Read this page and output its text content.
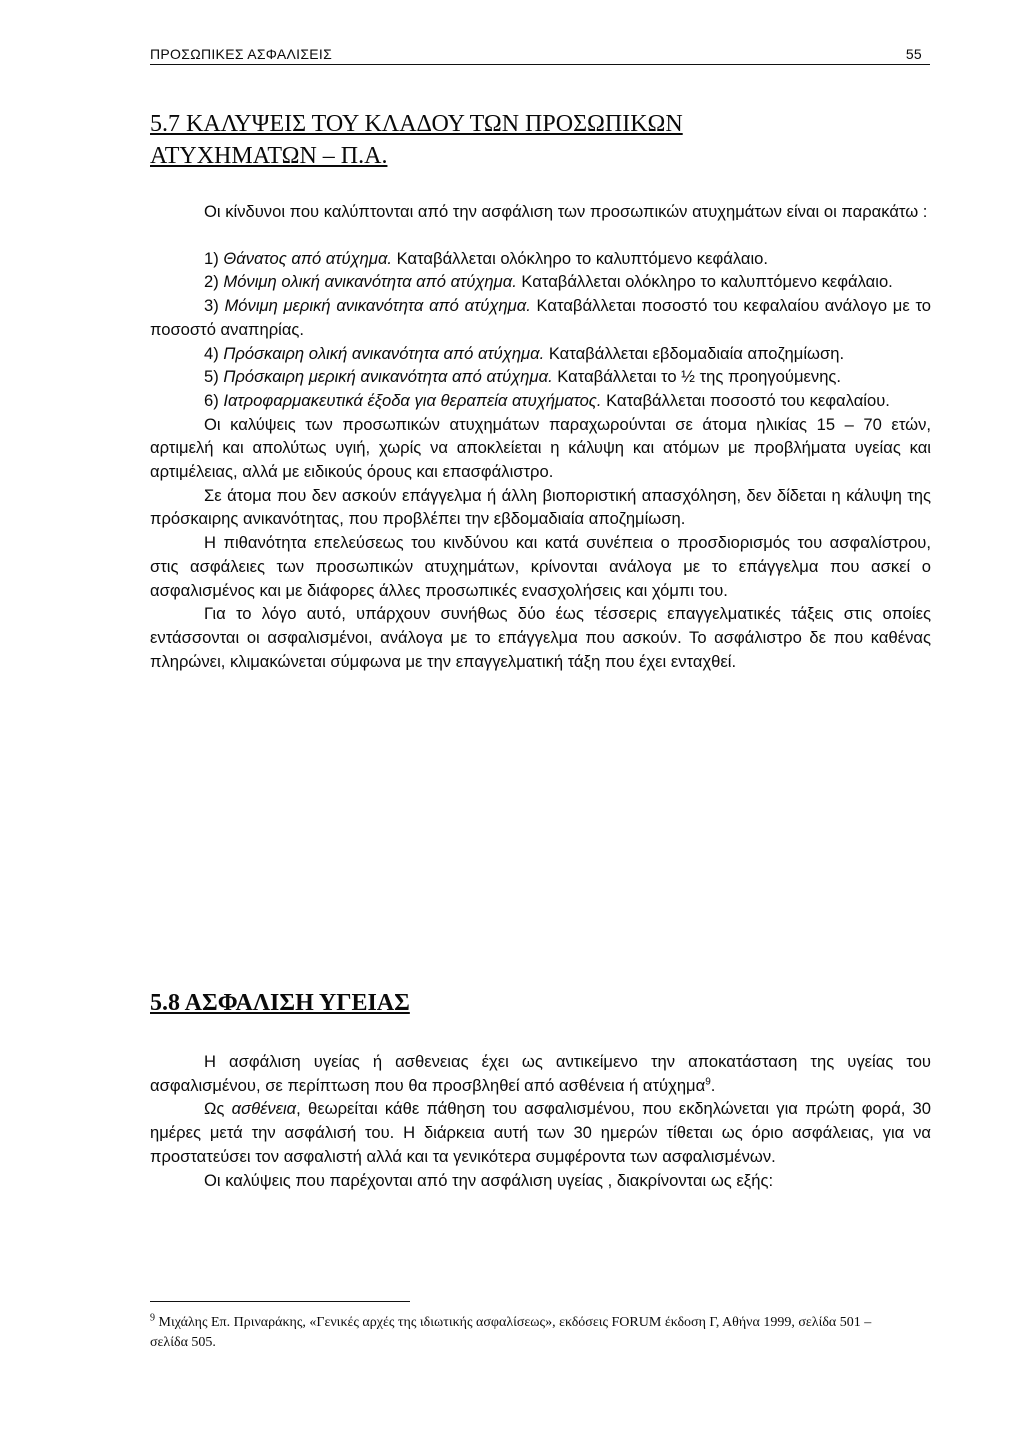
ΠΡΟΣΩΠΙΚΕΣ ΑΣΦΑΛΙΣΕΙΣ	55
5.7 ΚΑΛΥΨΕΙΣ ΤΟΥ ΚΛΑΔΟΥ ΤΩΝ ΠΡΟΣΩΠΙΚΩΝ
ΑΤΥΧΗΜΑΤΩΝ – Π.Α.

Οι κίνδυνοι που καλύπτονται από την ασφάλιση των προσωπικών ατυχημάτων είναι οι παρακάτω :

1) Θάνατος από ατύχημα. Καταβάλλεται ολόκληρο το καλυπτόμενο κεφάλαιο.

2) Μόνιμη ολική ανικανότητα από ατύχημα. Καταβάλλεται ολόκληρο το καλυπτόμενο κεφάλαιο.

3) Μόνιμη μερική ανικανότητα από ατύχημα. Καταβάλλεται ποσοστό του κεφαλαίου ανάλογο με το ποσοστό αναπηρίας.

4) Πρόσκαιρη ολική ανικανότητα από ατύχημα. Καταβάλλεται εβδομαδιαία αποζημίωση.

5) Πρόσκαιρη μερική ανικανότητα από ατύχημα. Καταβάλλεται το ½ της προηγούμενης.

6) Ιατροφαρμακευτικά έξοδα για θεραπεία ατυχήματος. Καταβάλλεται ποσοστό του κεφαλαίου.

Οι καλύψεις των προσωπικών ατυχημάτων παραχωρούνται σε άτομα ηλικίας 15 – 70 ετών, αρτιμελή και απολύτως υγιή, χωρίς να αποκλείεται η κάλυψη και ατόμων με προβλήματα υγείας και αρτιμέλειας, αλλά με ειδικούς όρους και επασφάλιστρο.

Σε άτομα που δεν ασκούν επάγγελμα ή άλλη βιοποριστική απασχόληση, δεν δίδεται η κάλυψη της πρόσκαιρης ανικανότητας, που προβλέπει την εβδομαδιαία αποζημίωση.

Η πιθανότητα επελεύσεως του κινδύνου και κατά συνέπεια ο προσδιορισμός του ασφαλίστρου, στις ασφάλειες των προσωπικών ατυχημάτων, κρίνονται ανάλογα με το επάγγελμα που ασκεί ο ασφαλισμένος και με διάφορες άλλες προσωπικές ενασχολήσεις και χόμπι του.

Για το λόγο αυτό, υπάρχουν συνήθως δύο έως τέσσερις επαγγελματικές τάξεις στις οποίες εντάσσονται οι ασφαλισμένοι, ανάλογα με το επάγγελμα που ασκούν. Το ασφάλιστρο δε που καθένας πληρώνει, κλιμακώνεται σύμφωνα με την επαγγελματική τάξη που έχει ενταχθεί.

5.8 ΑΣΦΑΛΙΣΗ ΥΓΕΙΑΣ

Η ασφάλιση υγείας ή ασθενειας έχει ως αντικείμενο την αποκατάσταση της υγείας του ασφαλισμένου, σε περίπτωση που θα προσβληθεί από ασθένεια ή ατύχημα$^9$.

Ως ασθένεια, θεωρείται κάθε πάθηση του ασφαλισμένου, που εκδηλώνεται για πρώτη φορά, 30 ημέρες μετά την ασφάλισή του. Η διάρκεια αυτή των 30 ημερών τίθεται ως όριο ασφάλειας, για να προστατεύσει τον ασφαλιστή αλλά και τα γενικότερα συμφέροντα των ασφαλισμένων.

Οι καλύψεις που παρέχονται από την ασφάλιση υγείας , διακρίνονται ως εξής:

$^9$ Μιχάλης Επ. Πριναράκης, «Γενικές αρχές της ιδιωτικής ασφαλίσεως», εκδόσεις FORUM έκδοση Γ, Αθήνα 1999, σελίδα 501 – σελίδα 505.
